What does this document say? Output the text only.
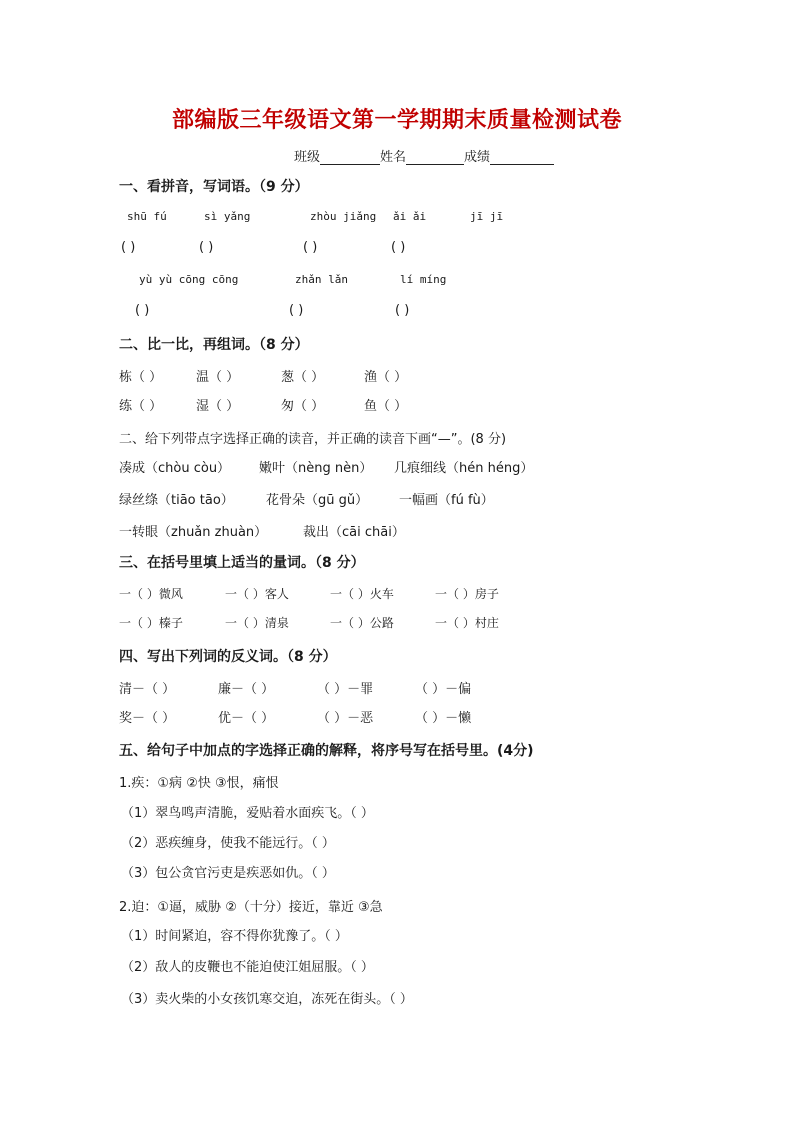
部编版三年级语文第一学期期末质量检测试卷
班级	姓名	成绩
一、看拼音，写词语。（9 分）
shū fú	sì yǎng	zhòu jiǎng ǎi ǎi	jī jī
( )	( )	( )	( )
yù yù cōng cōng	zhǎn lǎn	lí míng
( )	( )	( )
二、比一比，再组词。（8 分）
栋（ ）	温（ ）	葱（ ）	渔（ ）
练（ ）	湿（ ）	匆（ ）	鱼（ ）
二、给下列带点字选择正确的读音，并正确的读音下画“—”。(8 分)
凑成（chòu còu） 嫩叶（nèng nèn） 几痕细线（hén héng）
绿丝绦（tiāo tāo） 花骨朵（gū gǔ） 一幅画（fú fù）
一转眼（zhuǎn zhuàn）	裁出（cāi chāi）
三、在括号里填上适当的量词。（8 分）
一（ ）微风	一（ ）客人	一（ ）火车	一（ ）房子
一（ ）榛子	一（ ）清泉	一（ ）公路	一（ ）村庄
四、写出下列词的反义词。（8 分）
清－（ ）	廉－（ ）	（ ）－罪	（ ）－偏
奖－（ ）	优－（ ）	（ ）－恶	（ ）－懒
五、给句子中加点的字选择正确的解释，将序号写在括号里。(4分)
1.疾：①病 ②快 ③恨，痛恨
（1）翠鸟鸣声清脆，爱贴着水面疾飞。（ ）
（2）恶疾缠身，使我不能远行。（ ）
（3）包公贪官污吏是疾恶如仇。（ ）
2.迫：①逼，威胁 ②（十分）接近，靠近 ③急
（1）时间紧迫，容不得你犹豫了。（ ）
（2）敌人的皮鞭也不能迫使江姐屈服。（ ）
（3）卖火柴的小女孩饥寒交迫，冻死在街头。（ ）
